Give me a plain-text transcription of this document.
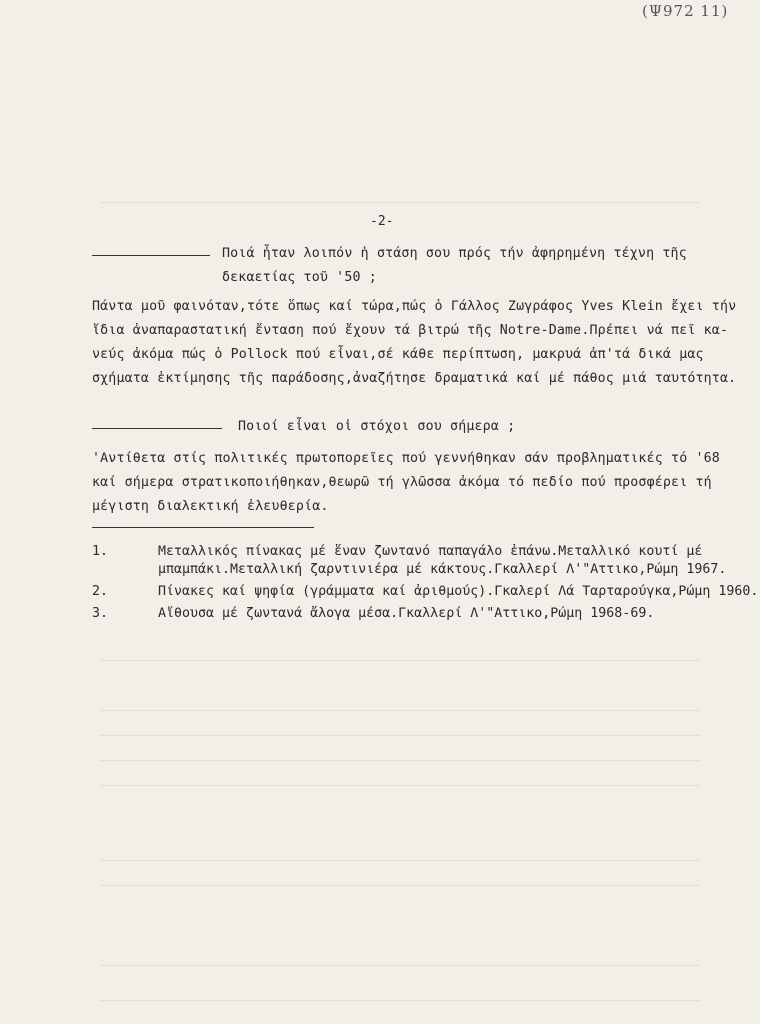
(Ψ972 11)
-2-
Ποιά ἦταν λοιπόν ἡ στάση σου πρός τήν ἀφηρημένη τέχνη τῆς
δεκαετίας τοῦ '50 ;
Πάντα μοῦ φαινόταν,τότε ὅπως καί τώρα,πώς ὁ Γάλλος Ζωγράφος Yves Klein ἔχει τήν
ἴδια ἀναπαραστατική ἔνταση πού ἔχουν τά βιτρώ τῆς Notre-Dame.Πρέπει νά πεῖ κα-
νεύς ἀκόμα πώς ὁ Pollock πού εἶναι,σέ κάθε περίπτωση, μακρυά ἀπ'τά δικά μας
σχήματα ἐκτίμησης τῆς παράδοσης,ἀναζήτησε δραματικά καί μέ πάθος μιά ταυτότητα.
Ποιοί εἶναι οἱ στόχοι σου σήμερα ;
'Αντίθετα στίς πολιτικές πρωτοπορεῖες πού γεννήθηκαν σάν προβληματικές τό '68
καί σήμερα στρατικοποιήθηκαν,θεωρῶ τή γλῶσσα ἀκόμα τό πεδίο πού προσφέρει τή
μέγιστη διαλεκτική ἐλευθερία.
1.	Μεταλλικός πίνακας μέ ἕναν ζωντανό παπαγάλο ἐπάνω.Μεταλλικό κουτί μέ
μπαμπάκι.Μεταλλική ζαρντινιέρα μέ κάκτους.Γκαλλερί Λ'"Αττικο,Ρώμη 1967.
2.	Πίνακες καί ψηφία (γράμματα καί ἀριθμούς).Γκαλερί Λά Ταρταρούγκα,Ρώμη 1960.
3.	Αἴθουσα μέ ζωντανά ἄλογα μέσα.Γκαλλερί Λ'"Αττικο,Ρώμη 1968-69.
